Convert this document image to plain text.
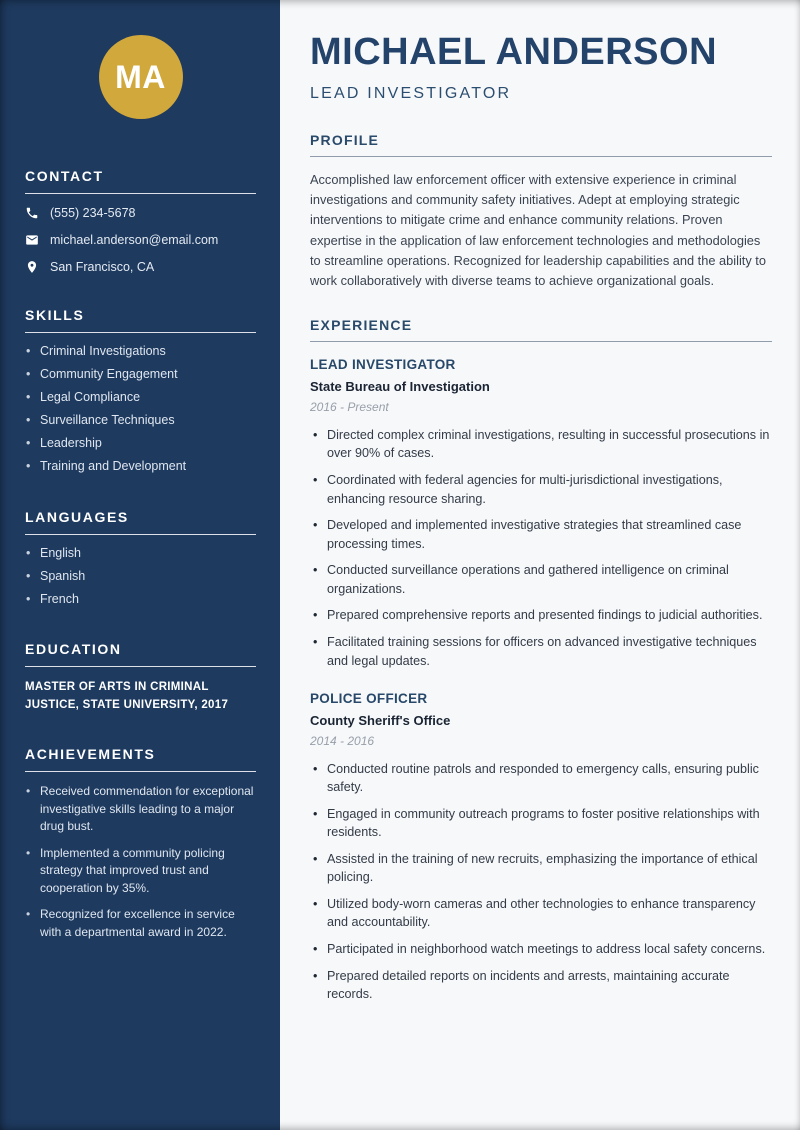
MA
CONTACT
(555) 234-5678
michael.anderson@email.com
San Francisco, CA
SKILLS
• Criminal Investigations
• Community Engagement
• Legal Compliance
• Surveillance Techniques
• Leadership
• Training and Development
LANGUAGES
• English
• Spanish
• French
EDUCATION

MASTER OF ARTS IN CRIMINAL JUSTICE, STATE UNIVERSITY, 2017

ACHIEVEMENTS
• Received commendation for exceptional investigative skills leading to a major drug bust.
• Implemented a community policing strategy that improved trust and cooperation by 35%.
• Recognized for excellence in service with a departmental award in 2022.
MICHAEL ANDERSON
LEAD INVESTIGATOR
PROFILE

Accomplished law enforcement officer with extensive experience in criminal investigations and community safety initiatives. Adept at employing strategic interventions to mitigate crime and enhance community relations. Proven expertise in the application of law enforcement technologies and methodologies to streamline operations. Recognized for leadership capabilities and the ability to work collaboratively with diverse teams to achieve organizational goals.

EXPERIENCE
LEAD INVESTIGATOR
State Bureau of Investigation
2016 - Present
• Directed complex criminal investigations, resulting in successful prosecutions in over 90% of cases.
• Coordinated with federal agencies for multi-jurisdictional investigations, enhancing resource sharing.
• Developed and implemented investigative strategies that streamlined case processing times.
• Conducted surveillance operations and gathered intelligence on criminal organizations.
• Prepared comprehensive reports and presented findings to judicial authorities.
• Facilitated training sessions for officers on advanced investigative techniques and legal updates.
POLICE OFFICER
County Sheriff's Office
2014 - 2016
• Conducted routine patrols and responded to emergency calls, ensuring public safety.
• Engaged in community outreach programs to foster positive relationships with residents.
• Assisted in the training of new recruits, emphasizing the importance of ethical policing.
• Utilized body-worn cameras and other technologies to enhance transparency and accountability.
• Participated in neighborhood watch meetings to address local safety concerns.
• Prepared detailed reports on incidents and arrests, maintaining accurate records.
